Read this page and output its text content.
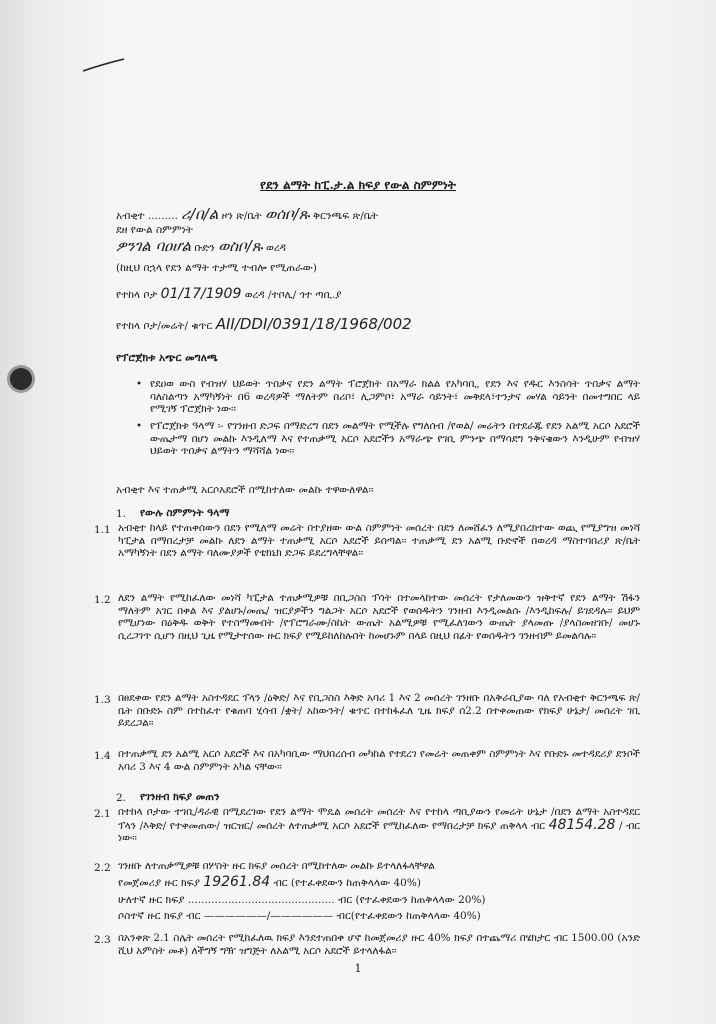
የደን ልማት ከፒ.ታ.ል ክፍያ የውል ስምምነት
አብቂተ ......... ሪ/በ/ል ዞን ጽ/ቤት ወሰቦ/ጹ ቅርንጫፍ ጽ/ቤት
ደዘ የውል ስምምነት
ዎንገል ባዐሆል ቡድን ወስቦ/ጹ ወረዳ
(ከዚህ በኋላ የደን ልማት ተታሚ ተብሎ የሚጠራው)
የተከላ ቦታ 01/17/1909 ወረዳ /ተቦሊ/ ጎተ ጣቢ.ያ
የተከላ ቦታ/መሬት/ ቁጥር AII/DDI/0391/18/1968/002
የፕሮጀክቱ አጭር መግለጫ
• የደዐወ ውስ የብዝሃ ህይወት ጥበቃና የደን ልማት ፕሮጀክት በአማራ ክልል የአካባቢ, የደን እና የዱር እንስሳት ጥበቃና ልማት ባለስልጣን አማካኝነት በ6 ወረዳዎች ማለትም በሪቦ፣ ሊጋምቦ፣ አማራ ሳይንት፣ መቅደላ፣ተንታና መሃል ሳይንት በመተግበር ላይ የሚገኝ ፕሮጀክት ነው፡፡
• የፕሮጀክቱ ዓላማ ፡- የገንዘብ ድጋፍ በማድረግ በደን መልማት የሚችሉ የግለሰብ /የወል/ መሬትን በተደራጁ የደን አልሚ አርሶ አደሮች ውጤታማ በሆነ መልኩ እንዲለማ እና የተጠቃሚ አርሶ አደሮችን አማራጭ የገቢ ምንጭ በማሳደግ ንቅናቄውን እንዲሁም የብዝሃ ህይወት ጥበቃና ልማትን ማሻሻል ነው፡፡
አብቂተ እና ተጠቃሚ አርሶአደሮች በሚከተለው መልኩ ተዋውለዋል፡፡
1. የውሉ ስምምነት ዓላማ
1.1 አብቂተ ከላይ የተጠቀሰውን በደን የሚለማ መሬት በተያዘው ውል ስምምነት መሰረት በደን ለመሸፈን ለሚያበረክተው ወጪ የሚያግዝ መነሻ ካፒታል በማበረታቻ መልኩ ለደን ልማት ተጠቃሚ አርሶ አደሮች ይሰጣል፡፡ ተጠቃሚ ደን አልሚ ቡድኖች በወረዳ ማስተባበሪያ ጽ/ቤት አማካኝነት በደን ልማት ባለሙያዎች የቴክኒክ ድጋፍ ይደረግላቸዋል፡፡
1.2 ለደን ልማት የሚከፈለው መነሻ ካፒታል ተጠቃሚዎቹ በቢጋስስ ፕሳት በተመላከተው መሰረት የታለመውን ዝቅተኛ የደን ልማት ሽፋን ማለትም አገር በቀል እና ያልሆኑ/መጤ/ ዝርያዎችን ግልጋት አርሶ አደሮች የወሰዱትን ገንዘብ እንዲመልሱ /እንዲከፍሉ/ ይገደዳሉ፡፡ ይህም የሚሆነው በዕቅዱ ወቅት የተስማሙበት /የፕሮግራሙ/ስኬት ውጤት አልሚዎቹ የሚፈለገውን ውጤት ያላመጡ /ያላስመዘገቡ/ መሆኑ ሲረጋገጥ ሲሆን በዚህ ጊዜ የሚታተሰው ዙር ክፍያ የሚይከለከሉበት ከመሆኑም በላይ በዚህ በፊት የወሰዱትን ገንዘብም ይመልሳሉ፡፡
1.3 በፀደቀው የደን ልማት አስተዳደር ፕላን /ዕቅድ/ እና የቢጋስስ እቅድ አባሪ 1 እና 2 መሰረት ገንዘቡ በአቅራቢያው ባለ የአብቂተ ቅርንጫፍ ጽ/ቤት በቡድኑ ስም በተከፈተ የቁጠባ ሂሳብ /ቋት/ አከውንት/ ቁጥር በተከፋፈለ ጊዜ ክፍያ ሰ2.2 በተቀመጠው የክፍያ ሁኔታ/ መሰረት ገቢ ይደረጋል፡፡
1.4 በተጠቃሚ ደን አልሚ አርሶ አደሮች እና በአካባቢው ማህበረሰብ መካከል የተደረገ የመሬት መጠቀም ስምምነት እና የቡድኑ መተዳደሪያ ደንቦች አባሪ 3 እና 4 ውል ስምምነት አካል ናቸው፡፡
2. የገንዘብ ክፍያ መጠን
2.1 በተከላ ቦታው ተገቢ/ዳራዊ በሚደረገው የደን ልማት ሞዴል መሰረት መሰረት እና የተከላ ጣቢያውን የመሬት ሁኔታ /በደን ልማት አስተዳደር ፕላን /እቅድ/ የተቀመጠው/ ዝርዝር/ መሰረት ለተጠቃሚ አርሶ አደሮች የሚከፈለው የማበረታቻ ክፍያ ጠቅላላ ብር 48154.28 / ብር ነው፡፡
2.2 ገንዘቡ ለተጠቃሚዎቹ በሦስት ዙር ክፍያ መሰረት በሚከተለው መልኩ ይተላለፋላቸዋል
የመጀመሪያ ዙር ክፍያ 19261.84 ብር (የተፈቀደውን ከጠቅላላው 40%)
ሁለተኛ ዙር ክፍያ ............................................ ብር (የተፈቀደውን ከጠቅላላው 20%)
ሶስተኛ ዙር ክፍያ ብር ——————/—————— ብር(የተፈቀደውን ከጠቅላላው 40%)
2.3 በአንቀጽ 2.1 ስሌት መሰረት የሚከፈለዉ ክፍያ እንደተጠበቀ ሆኖ ከመጀመሪያ ዙር 40% ክፍያ በተጨማሪ በሄክታር ብር 1500.00 (አንድ ሺህ አምስት መቶ) ለችግኝ ግዥ ዝግጅት ለአልሚ አርሶ አደሮች ይተላለፋል፡፡
1
